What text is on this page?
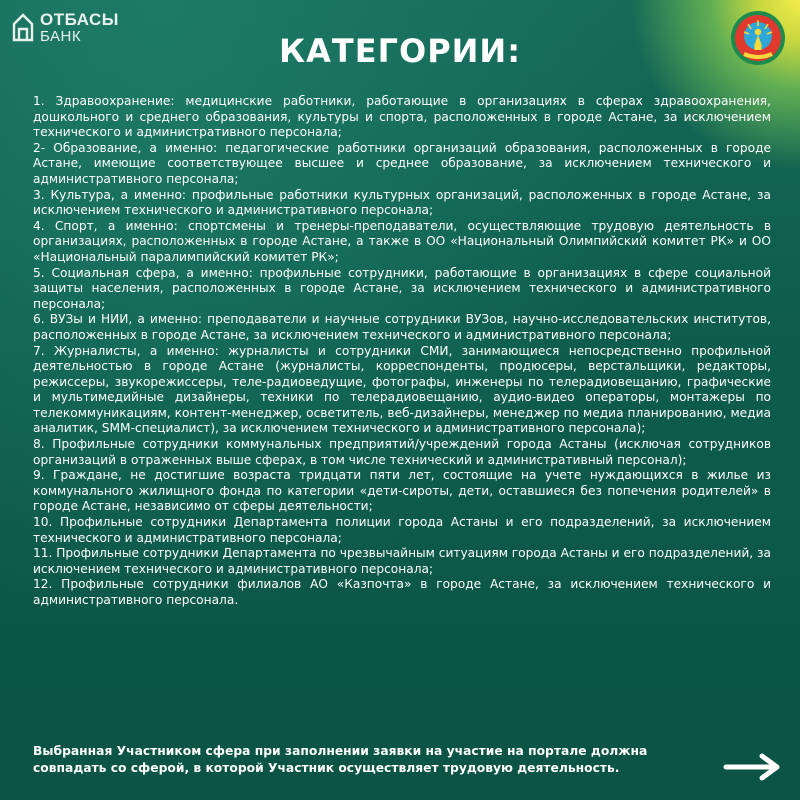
ОТБАСЫ
БАНК	КАТЕГОРИИ:

1. Здравоохранение: медицинские работники, работающие в организациях в сферах здравоохранения, дошкольного и среднего образования, культуры и спорта, расположенных в городе Астане, за исключением технического и административного персонала;

2- Образование, а именно: педагогические работники организаций образования, расположенных в городе Астане, имеющие соответствующее высшее и среднее образование, за исключением технического и административного персонала;

3. Культура, а именно: профильные работники культурных организаций, расположенных в городе Астане, за исключением технического и административного персонала;

4. Спорт, а именно: спортсмены и тренеры-преподаватели, осуществляющие трудовую деятельность в организациях, расположенных в городе Астане, а также в ОО «Национальный Олимпийский комитет РК» и ОО «Национальный паралимпийский комитет РК»;

5. Социальная сфера, а именно: профильные сотрудники, работающие в организациях в сфере социальной защиты населения, расположенных в городе Астане, за исключением технического и административного персонала;

6. ВУЗы и НИИ, а именно: преподаватели и научные сотрудники ВУЗов, научно-исследовательских институтов, расположенных в городе Астане, за исключением технического и административного персонала;

7. Журналисты, а именно: журналисты и сотрудники СМИ, занимающиеся непосредственно профильной деятельностью в городе Астане (журналисты, корреспонденты, продюсеры, верстальщики, редакторы, режиссеры, звукорежиссеры, теле-радиоведущие, фотографы, инженеры по телерадиовещанию, графические и мультимедийные дизайнеры, техники по телерадиовещанию, аудио-видео операторы, монтажеры по телекоммуникациям, контент-менеджер, осветитель, веб-дизайнеры, менеджер по медиа планированию, медиа аналитик, SMM-специалист), за исключением технического и административного персонала);

8. Профильные сотрудники коммунальных предприятий/учреждений города Астаны (исключая сотрудников организаций в отраженных выше сферах, в том числе технический и административный персонал);

9. Граждане, не достигшие возраста тридцати пяти лет, состоящие на учете нуждающихся в жилье из коммунального жилищного фонда по категории «дети-сироты, дети, оставшиеся без попечения родителей» в городе Астане, независимо от сферы деятельности;

10. Профильные сотрудники Департамента полиции города Астаны и его подразделений, за исключением технического и административного персонала;

11. Профильные сотрудники Департамента по чрезвычайным ситуациям города Астаны и его подразделений, за исключением технического и административного персонала;

12. Профильные сотрудники филиалов АО «Казпочта» в городе Астане, за исключением технического и административного персонала.

Выбранная Участником сфера при заполнении заявки на участие на портале должна совпадать со сферой, в которой Участник осуществляет трудовую деятельность.
